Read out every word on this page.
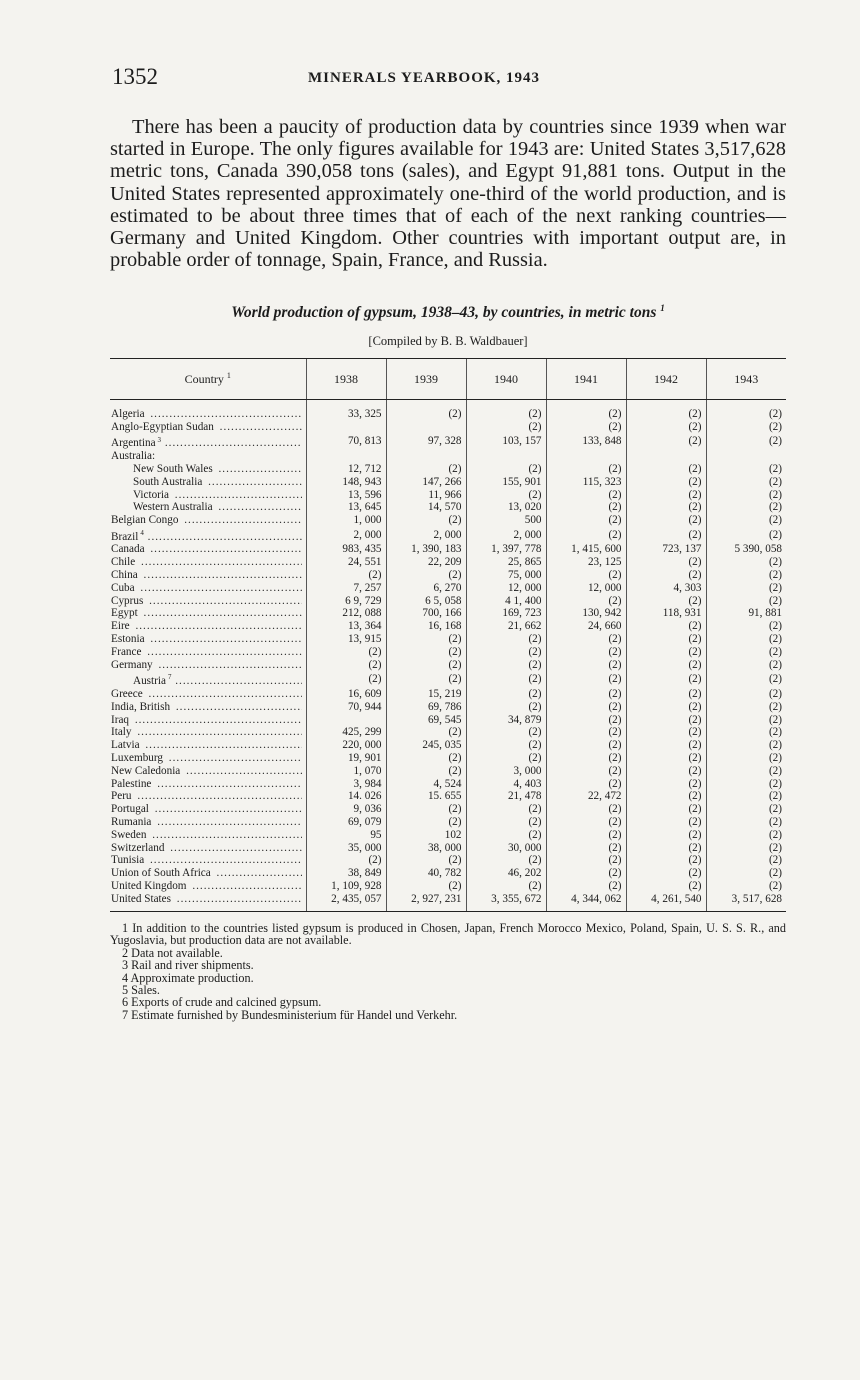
1352	MINERALS YEARBOOK, 1943

There has been a paucity of production data by countries since 1939 when war started in Europe. The only figures available for 1943 are: United States 3,517,628 metric tons, Canada 390,058 tons (sales), and Egypt 91,881 tons. Output in the United States represented approximately one-third of the world production, and is estimated to be about three times that of each of the next ranking countries—Germany and United Kingdom. Other countries with important output are, in probable order of tonnage, Spain, France, and Russia.

World production of gypsum, 1938–43, by countries, in metric tons $^1$
[Compiled by B. B. Waldbauer]
Country $^1$	1938	1939	1940	1941	1942	1943

Algeria .....	33, 325	(2)	(2)	(2)	(2)	(2)

Anglo-Egyptian Sudan .....			(2)	(2)	(2)	(2)

Argentina $^3$ .....	70, 813	97, 328	103, 157	133, 848	(2)	(2)

Australia:						

New South Wales .....	12, 712	(2)	(2)	(2)	(2)	(2)

South Australia .....	148, 943	147, 266	155, 901	115, 323	(2)	(2)

Victoria .....	13, 596	11, 966	(2)	(2)	(2)	(2)

Western Australia .....	13, 645	14, 570	13, 020	(2)	(2)	(2)

Belgian Congo .....	1, 000	(2)	500	(2)	(2)	(2)

Brazil $^4$ .....	2, 000	2, 000	2, 000	(2)	(2)	(2)

Canada .....	983, 435	1, 390, 183	1, 397, 778	1, 415, 600	723, 137	5 390, 058

Chile .....	24, 551	22, 209	25, 865	23, 125	(2)	(2)

China .....	(2)	(2)	75, 000	(2)	(2)	(2)

Cuba .....	7, 257	6, 270	12, 000	12, 000	4, 303	(2)

Cyprus .....	6 9, 729	6 5, 058	4 1, 400	(2)	(2)	(2)

Egypt .....	212, 088	700, 166	169, 723	130, 942	118, 931	91, 881

Eire .....	13, 364	16, 168	21, 662	24, 660	(2)	(2)

Estonia .....	13, 915	(2)	(2)	(2)	(2)	(2)

France .....	(2)	(2)	(2)	(2)	(2)	(2)

Germany .....	(2)	(2)	(2)	(2)	(2)	(2)

Austria $^7$ .....	(2)	(2)	(2)	(2)	(2)	(2)

Greece .....	16, 609	15, 219	(2)	(2)	(2)	(2)

India, British .....	70, 944	69, 786	(2)	(2)	(2)	(2)

Iraq .....		69, 545	34, 879	(2)	(2)	(2)

Italy .....	425, 299	(2)	(2)	(2)	(2)	(2)

Latvia .....	220, 000	245, 035	(2)	(2)	(2)	(2)

Luxemburg .....	19, 901	(2)	(2)	(2)	(2)	(2)

New Caledonia .....	1, 070	(2)	3, 000	(2)	(2)	(2)

Palestine .....	3, 984	4, 524	4, 403	(2)	(2)	(2)

Peru .....	14. 026	15. 655	21, 478	22, 472	(2)	(2)

Portugal .....	9, 036	(2)	(2)	(2)	(2)	(2)

Rumania .....	69, 079	(2)	(2)	(2)	(2)	(2)

Sweden .....	95	102	(2)	(2)	(2)	(2)

Switzerland .....	35, 000	38, 000	30, 000	(2)	(2)	(2)

Tunisia .....	(2)	(2)	(2)	(2)	(2)	(2)

Union of South Africa .....	38, 849	40, 782	46, 202	(2)	(2)	(2)

United Kingdom .....	1, 109, 928	(2)	(2)	(2)	(2)	(2)

United States .....	2, 435, 057	2, 927, 231	3, 355, 672	4, 344, 062	4, 261, 540	3, 517, 628
1 In addition to the countries listed gypsum is produced in Chosen, Japan, French Morocco Mexico, Poland, Spain, U. S. S. R., and Yugoslavia, but production data are not available.
2 Data not available.
3 Rail and river shipments.
4 Approximate production.
5 Sales.
6 Exports of crude and calcined gypsum.
7 Estimate furnished by Bundesministerium für Handel und Verkehr.
